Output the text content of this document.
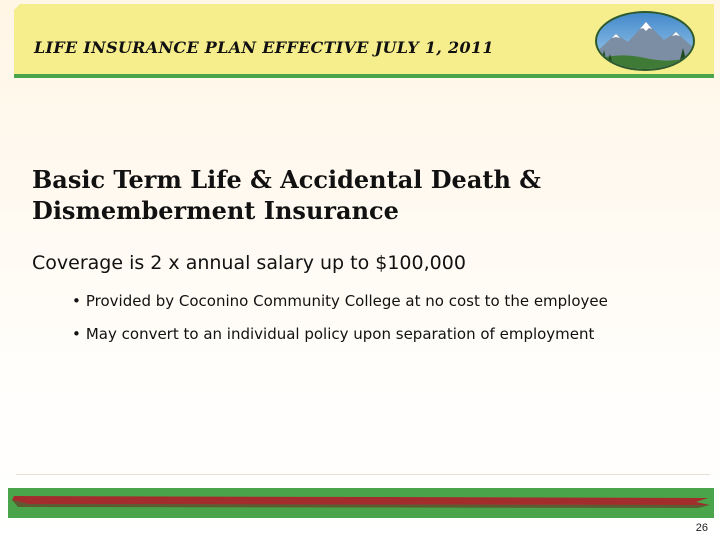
LIFE INSURANCE PLAN EFFECTIVE JULY 1, 2011
Basic Term Life & Accidental Death &
Dismemberment Insurance
Coverage is 2 x annual salary up to $100,000
• Provided by Coconino Community College at no cost to the employee
• May convert to an individual policy upon separation of employment
26
